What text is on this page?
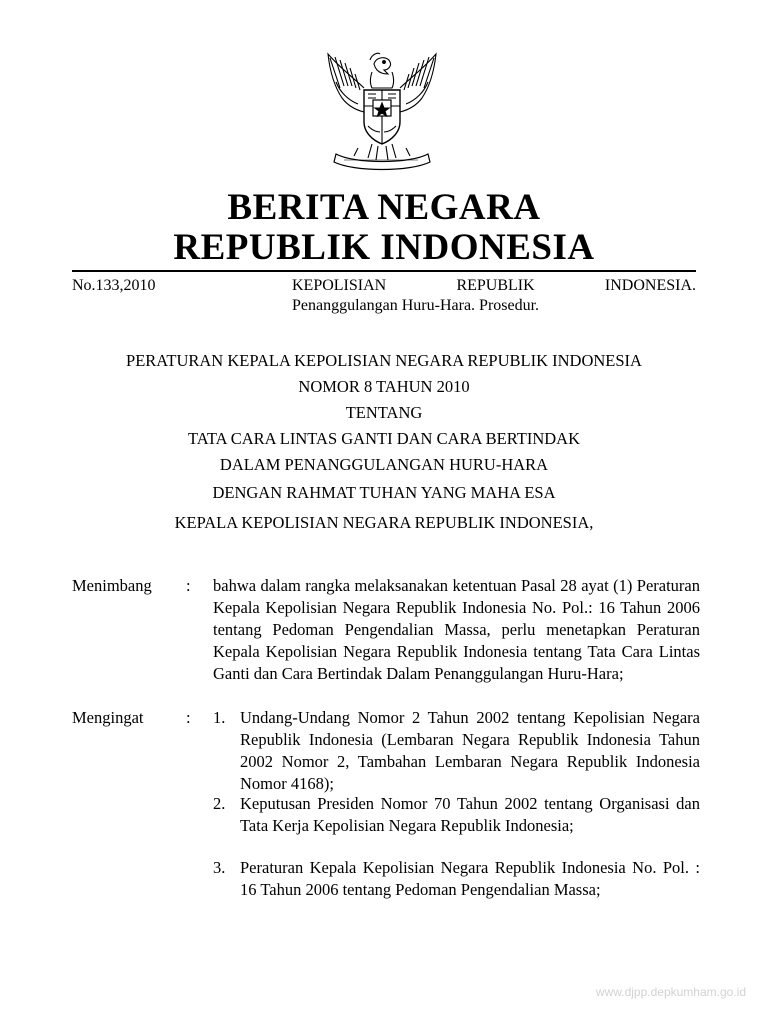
BERITA NEGARA
REPUBLIK INDONESIA
No.133,2010	KEPOLISIAN	REPUBLIK	INDONESIA.
Penanggulangan Huru-Hara. Prosedur.
PERATURAN KEPALA KEPOLISIAN NEGARA REPUBLIK INDONESIA
NOMOR 8 TAHUN 2010
TENTANG
TATA CARA LINTAS GANTI DAN CARA BERTINDAK
DALAM PENANGGULANGAN HURU-HARA
DENGAN RAHMAT TUHAN YANG MAHA ESA
KEPALA KEPOLISIAN NEGARA REPUBLIK INDONESIA,
Menimbang : bahwa dalam rangka melaksanakan ketentuan Pasal 28 ayat (1) Peraturan Kepala Kepolisian Negara Republik Indonesia No. Pol.: 16 Tahun 2006 tentang Pedoman Pengendalian Massa, perlu menetapkan Peraturan Kepala Kepolisian Negara Republik Indonesia tentang Tata Cara Lintas Ganti dan Cara Bertindak Dalam Penanggulangan Huru-Hara;
Mengingat	: 1. Undang-Undang Nomor 2 Tahun 2002 tentang Kepolisian Negara Republik Indonesia (Lembaran Negara Republik Indonesia Tahun 2002 Nomor 2, Tambahan Lembaran Negara Republik Indonesia Nomor 4168);
2. Keputusan Presiden Nomor 70 Tahun 2002 tentang Organisasi dan Tata Kerja Kepolisian Negara Republik Indonesia;
3. Peraturan Kepala Kepolisian Negara Republik Indonesia No. Pol. : 16 Tahun 2006 tentang Pedoman Pengendalian Massa;
www.djpp.depkumham.go.id
